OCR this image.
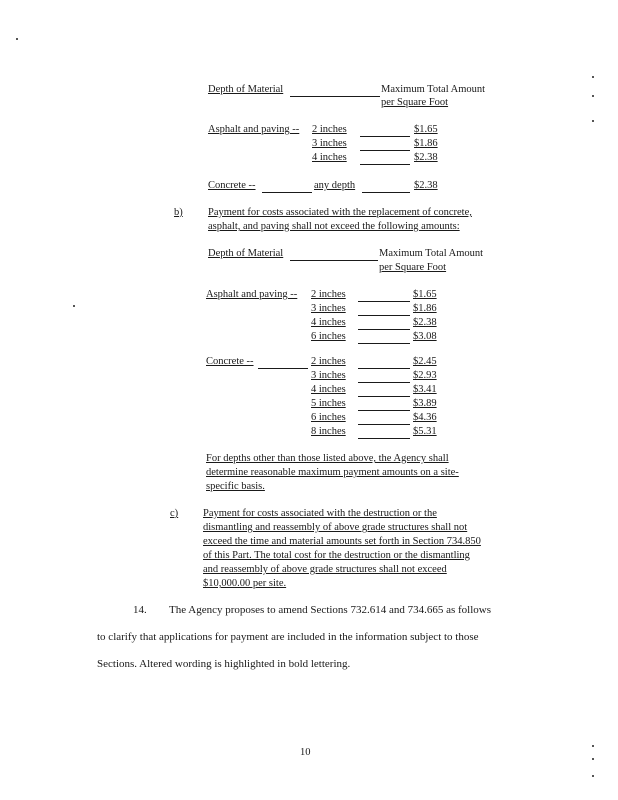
Depth of Material	Maximum Total Amount
per Square Foot
Asphalt and paving -- 2 inches	$1.65
3 inches	$1.86
4 inches	$2.38
Concrete --	any depth	$2.38
b) Payment for costs associated with the replacement of concrete,
asphalt, and paving shall not exceed the following amounts:
Depth of Material	Maximum Total Amount
per Square Foot
Asphalt and paving -- 2 inches	$1.65
3 inches	$1.86
4 inches	$2.38
6 inches	$3.08
Concrete --	2 inches	$2.45
3 inches	$2.93
4 inches	$3.41
5 inches	$3.89
6 inches	$4.36
8 inches	$5.31
For depths other than those listed above, the Agency shall
determine reasonable maximum payment amounts on a site-
specific basis.
c) Payment for costs associated with the destruction or the
dismantling and reassembly of above grade structures shall not
exceed the time and material amounts set forth in Section 734.850
of this Part. The total cost for the destruction or the dismantling
and reassembly of above grade structures shall not exceed
$10,000.00 per site.
14. The Agency proposes to amend Sections 732.614 and 734.665 as follows
to clarify that applications for payment are included in the information subject to those
Sections. Altered wording is highlighted in bold lettering.
10
